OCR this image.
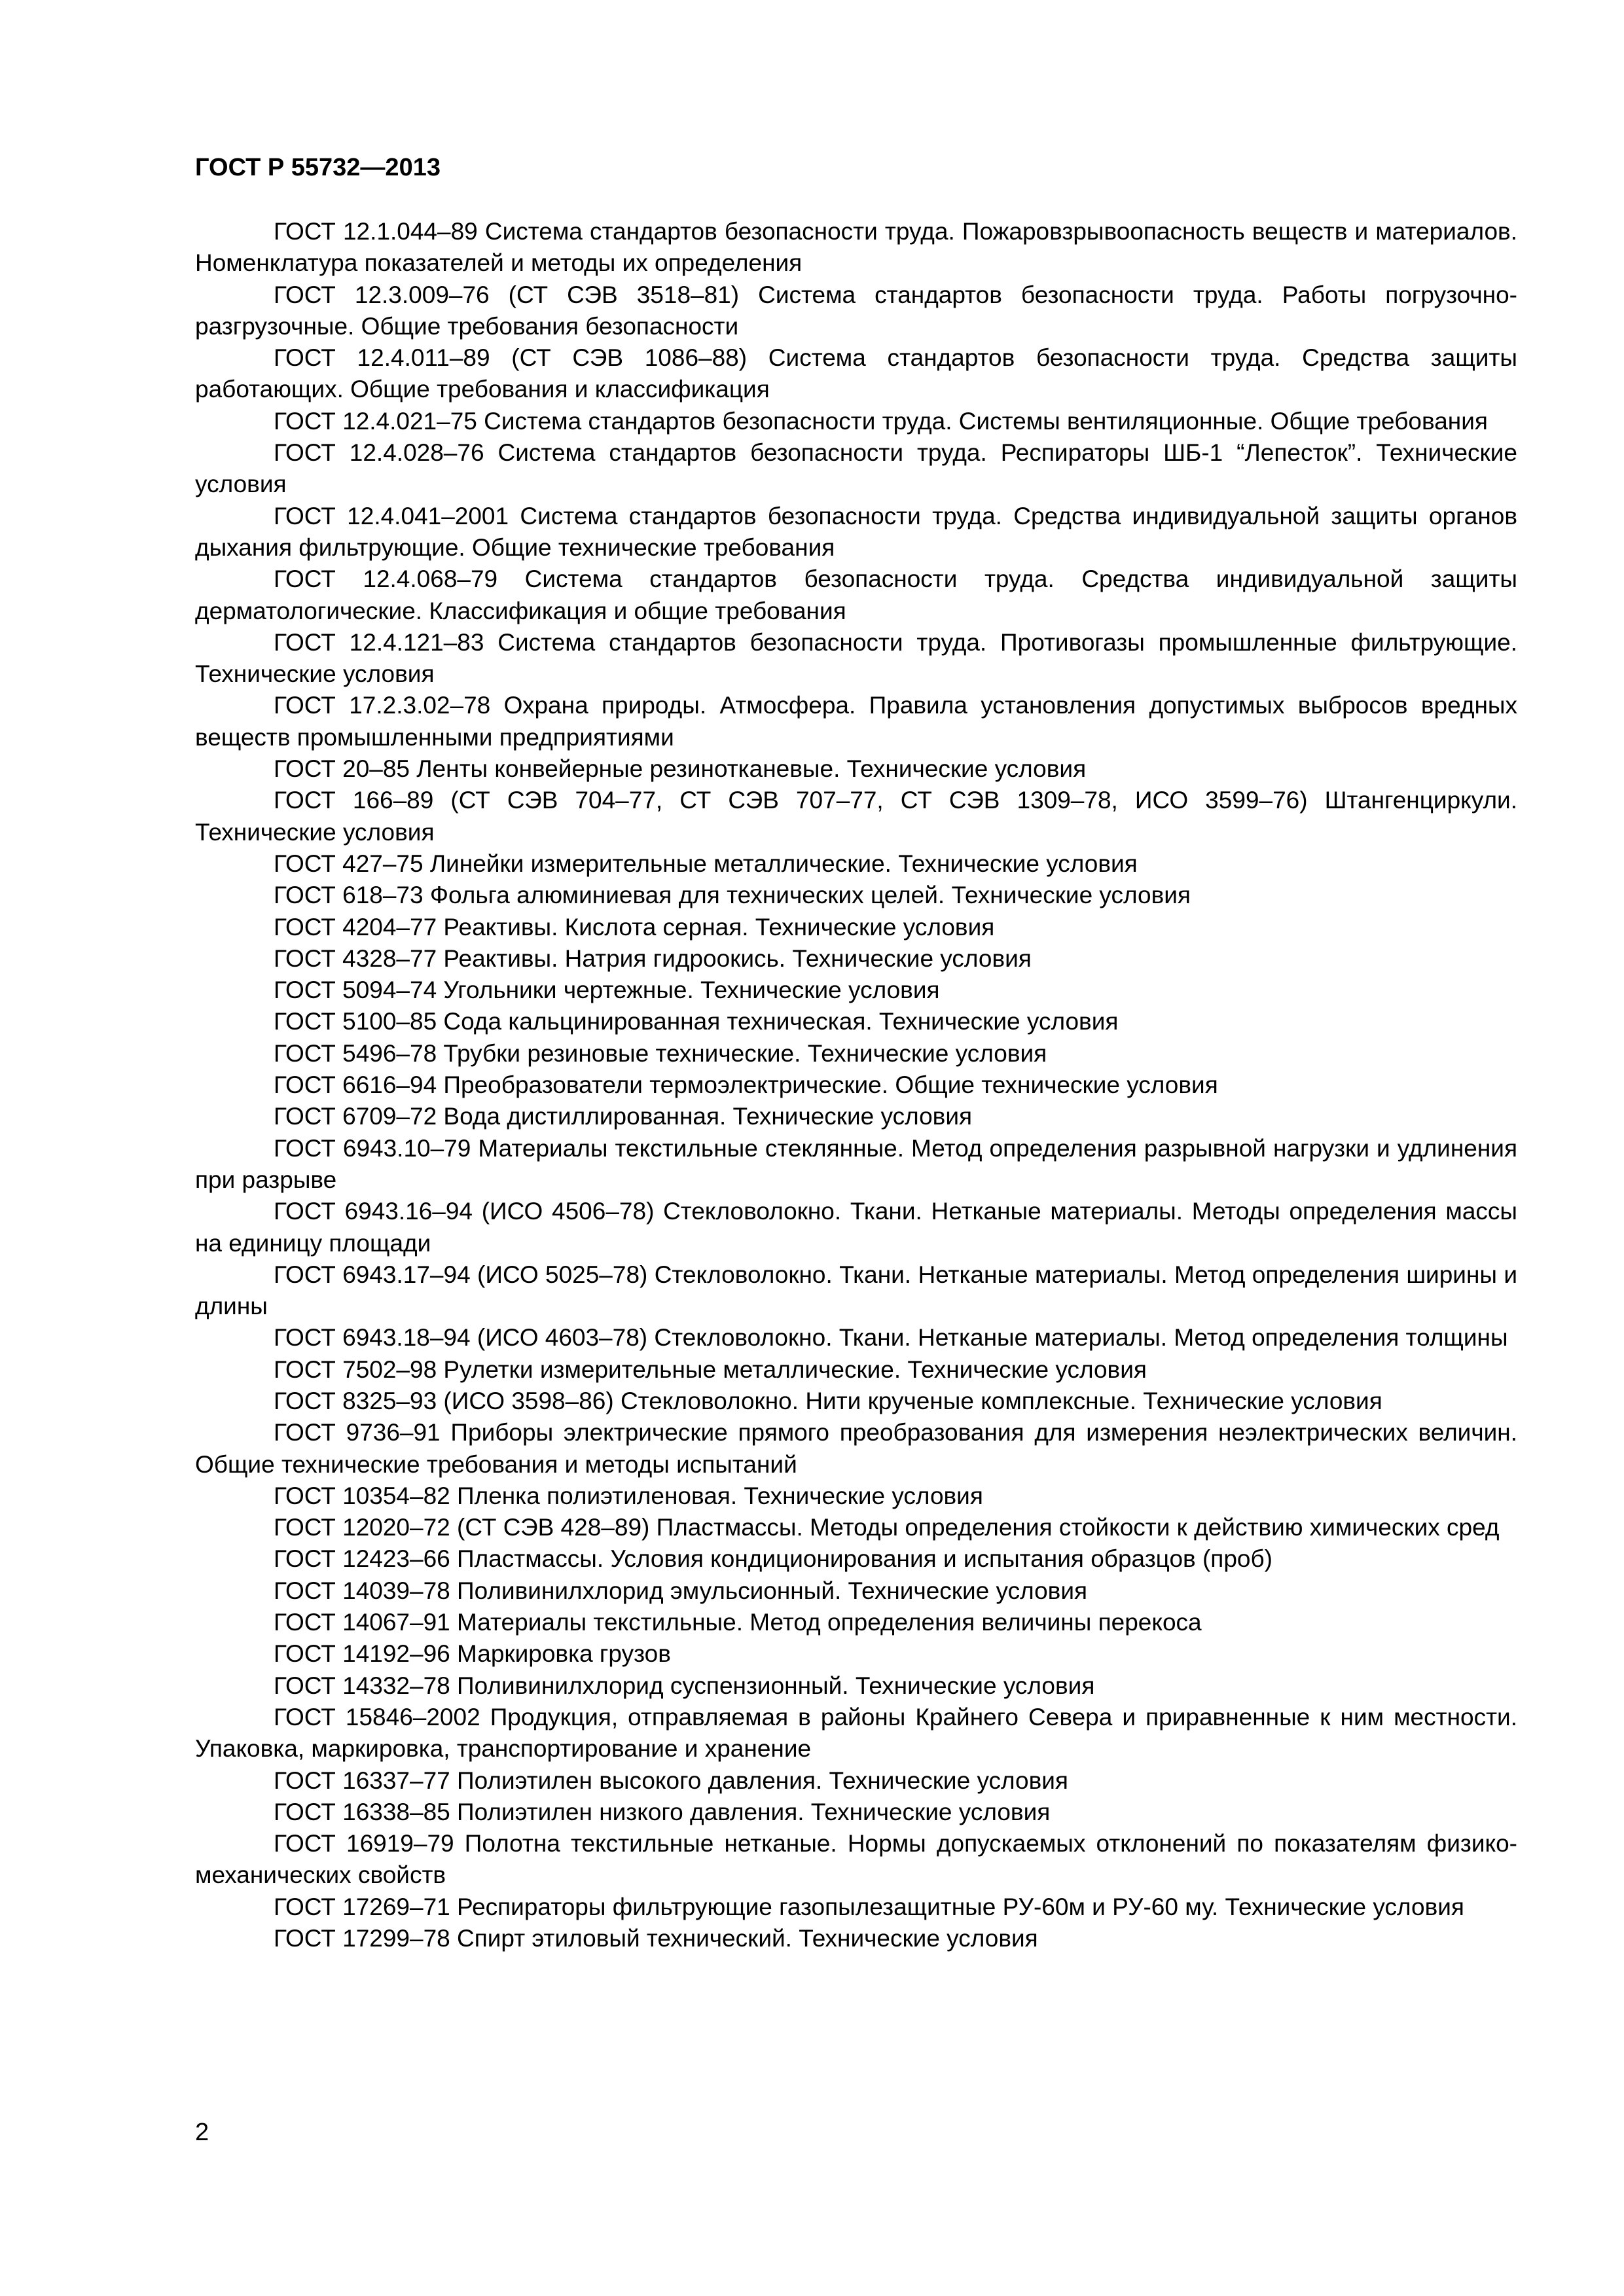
ГОСТ Р 55732—2013

ГОСТ 12.1.044–89 Система стандартов безопасности труда. Пожаровзрывоопасность веществ и материалов. Номенклатура показателей и методы их определения

ГОСТ 12.3.009–76 (СТ СЭВ 3518–81) Система стандартов безопасности труда. Работы погрузочно-разгрузочные. Общие требования безопасности

ГОСТ 12.4.011–89 (СТ СЭВ 1086–88) Система стандартов безопасности труда. Средства защиты работающих. Общие требования и классификация

ГОСТ 12.4.021–75 Система стандартов безопасности труда. Системы вентиляционные. Общие требования

ГОСТ 12.4.028–76 Система стандартов безопасности труда. Респираторы ШБ-1 “Лепесток”. Технические условия

ГОСТ 12.4.041–2001 Система стандартов безопасности труда. Средства индивидуальной защиты органов дыхания фильтрующие. Общие технические требования

ГОСТ 12.4.068–79 Система стандартов безопасности труда. Средства индивидуальной защиты дерматологические. Классификация и общие требования

ГОСТ 12.4.121–83 Система стандартов безопасности труда. Противогазы промышленные фильтрующие. Технические условия

ГОСТ 17.2.3.02–78 Охрана природы. Атмосфера. Правила установления допустимых выбросов вредных веществ промышленными предприятиями

ГОСТ 20–85 Ленты конвейерные резинотканевые. Технические условия

ГОСТ 166–89 (СТ СЭВ 704–77, СТ СЭВ 707–77, СТ СЭВ 1309–78, ИСО 3599–76) Штангенциркули. Технические условия

ГОСТ 427–75 Линейки измерительные металлические. Технические условия

ГОСТ 618–73 Фольга алюминиевая для технических целей. Технические условия

ГОСТ 4204–77 Реактивы. Кислота серная. Технические условия

ГОСТ 4328–77 Реактивы. Натрия гидроокись. Технические условия

ГОСТ 5094–74 Угольники чертежные. Технические условия

ГОСТ 5100–85 Сода кальцинированная техническая. Технические условия

ГОСТ 5496–78 Трубки резиновые технические. Технические условия

ГОСТ 6616–94 Преобразователи термоэлектрические. Общие технические условия

ГОСТ 6709–72 Вода дистиллированная. Технические условия

ГОСТ 6943.10–79 Материалы текстильные стеклянные. Метод определения разрывной нагрузки и удлинения при разрыве

ГОСТ 6943.16–94 (ИСО 4506–78) Стекловолокно. Ткани. Нетканые материалы. Методы определения массы на единицу площади

ГОСТ 6943.17–94 (ИСО 5025–78) Стекловолокно. Ткани. Нетканые материалы. Метод определения ширины и длины

ГОСТ 6943.18–94 (ИСО 4603–78) Стекловолокно. Ткани. Нетканые материалы. Метод определения толщины

ГОСТ 7502–98 Рулетки измерительные металлические. Технические условия

ГОСТ 8325–93 (ИСО 3598–86) Стекловолокно. Нити крученые комплексные. Технические условия

ГОСТ 9736–91 Приборы электрические прямого преобразования для измерения неэлектрических величин. Общие технические требования и методы испытаний

ГОСТ 10354–82 Пленка полиэтиленовая. Технические условия

ГОСТ 12020–72 (СТ СЭВ 428–89) Пластмассы. Методы определения стойкости к действию химических сред

ГОСТ 12423–66 Пластмассы. Условия кондиционирования и испытания образцов (проб)

ГОСТ 14039–78 Поливинилхлорид эмульсионный. Технические условия

ГОСТ 14067–91 Материалы текстильные. Метод определения величины перекоса

ГОСТ 14192–96 Маркировка грузов

ГОСТ 14332–78 Поливинилхлорид суспензионный. Технические условия

ГОСТ 15846–2002 Продукция, отправляемая в районы Крайнего Севера и приравненные к ним местности. Упаковка, маркировка, транспортирование и хранение

ГОСТ 16337–77 Полиэтилен высокого давления. Технические условия

ГОСТ 16338–85 Полиэтилен низкого давления. Технические условия

ГОСТ 16919–79 Полотна текстильные нетканые. Нормы допускаемых отклонений по показателям физико-механических свойств

ГОСТ 17269–71 Респираторы фильтрующие газопылезащитные РУ-60м и РУ-60 му. Технические условия

ГОСТ 17299–78 Спирт этиловый технический. Технические условия

2
